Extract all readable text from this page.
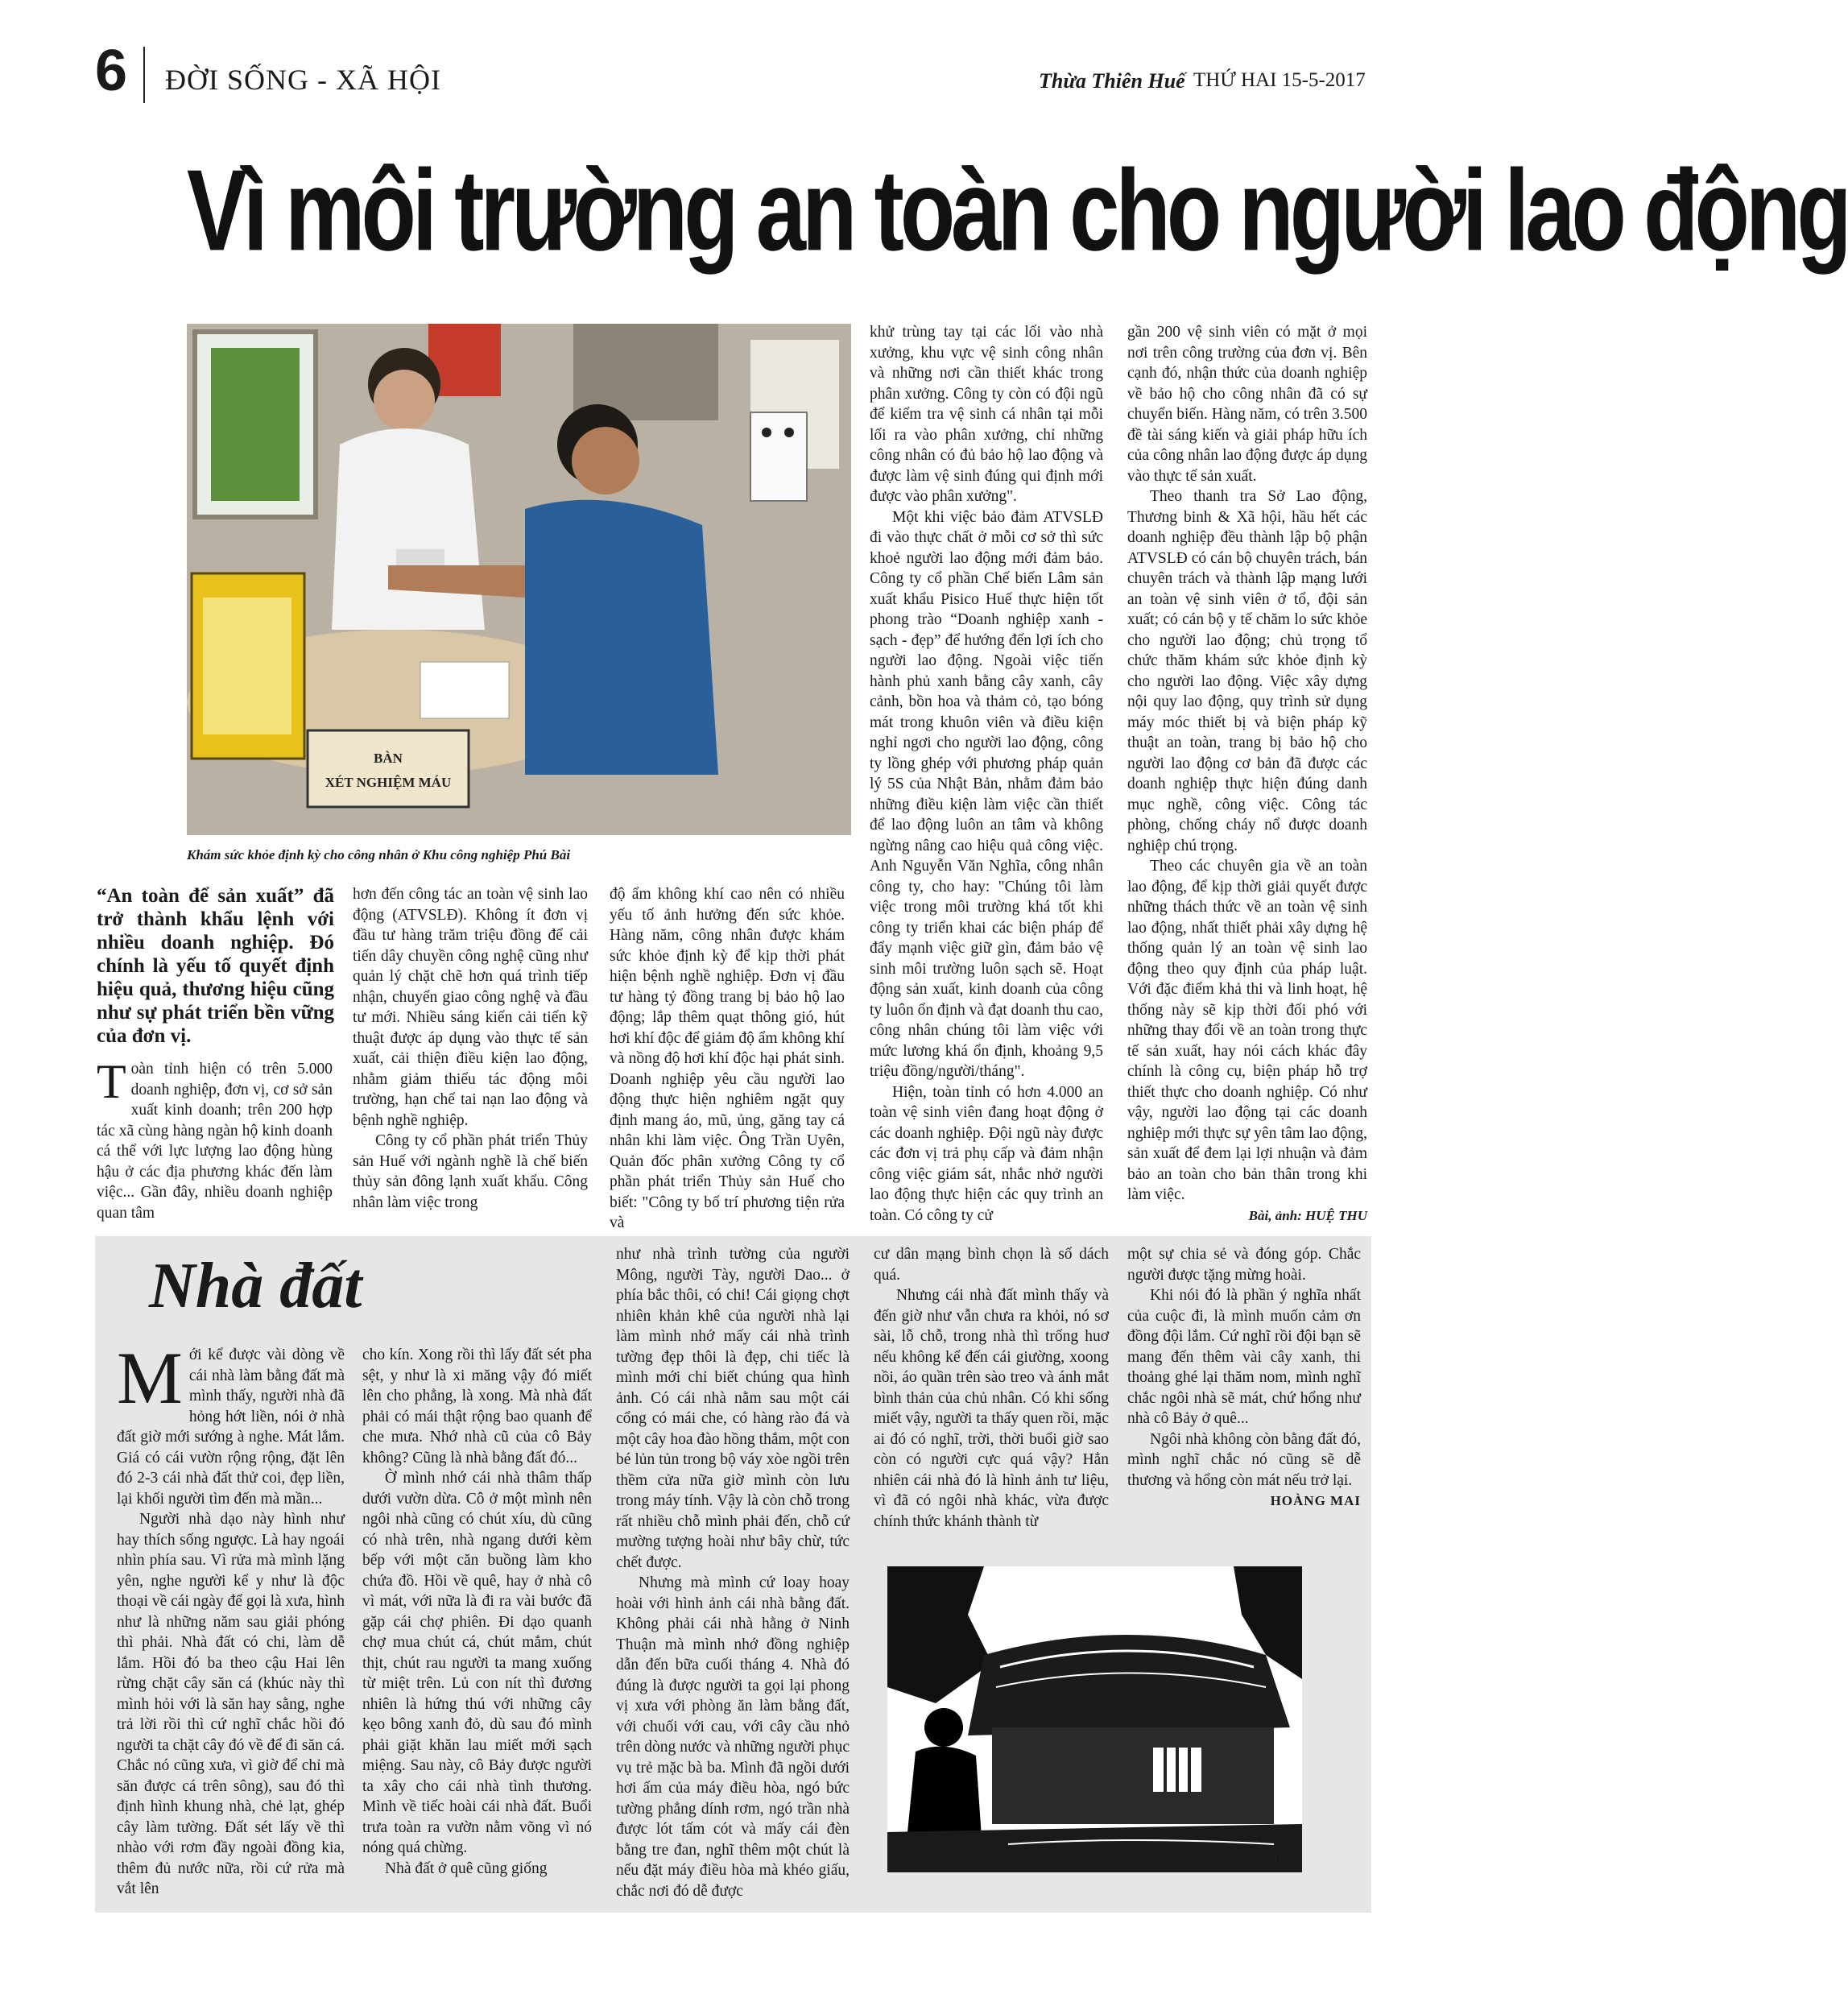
6 ĐỜI SỐNG - XÃ HỘI	Thừa Thiên Huế THỨ HAI 15-5-2017
Vì môi trường an toàn cho người lao động
BÀN
XÉT NGHIỆM MÁU
Khám sức khỏe định kỳ cho công nhân ở Khu công nghiệp Phú Bài
“An toàn để sản xuất” đã trở thành khẩu lệnh với nhiều doanh nghiệp. Đó chính là yếu tố quyết định hiệu quả, thương hiệu cũng như sự phát triển bền vững của đơn vị.

Toàn tỉnh hiện có trên 5.000 doanh nghiệp, đơn vị, cơ sở sản xuất kinh doanh; trên 200 hợp tác xã cùng hàng ngàn hộ kinh doanh cá thể với lực lượng lao động hùng hậu ở các địa phương khác đến làm việc... Gần đây, nhiều doanh nghiệp quan tâm

hơn đến công tác an toàn vệ sinh lao động (ATVSLĐ). Không ít đơn vị đầu tư hàng trăm triệu đồng để cải tiến dây chuyền công nghệ cũng như quản lý chặt chẽ hơn quá trình tiếp nhận, chuyển giao công nghệ và đầu tư mới. Nhiều sáng kiến cải tiến kỹ thuật được áp dụng vào thực tế sản xuất, cải thiện điều kiện lao động, nhằm giảm thiểu tác động môi trường, hạn chế tai nạn lao động và bệnh nghề nghiệp.

Công ty cổ phần phát triển Thủy sản Huế với ngành nghề là chế biến thủy sản đông lạnh xuất khẩu. Công nhân làm việc trong

độ ẩm không khí cao nên có nhiều yếu tố ảnh hưởng đến sức khỏe. Hàng năm, công nhân được khám sức khỏe định kỳ để kịp thời phát hiện bệnh nghề nghiệp. Đơn vị đầu tư hàng tỷ đồng trang bị bảo hộ lao động; lắp thêm quạt thông gió, hút hơi khí độc để giảm độ ẩm không khí và nồng độ hơi khí độc hại phát sinh. Doanh nghiệp yêu cầu người lao động thực hiện nghiêm ngặt quy định mang áo, mũ, ủng, găng tay cá nhân khi làm việc. Ông Trần Uyên, Quản đốc phân xưởng Công ty cổ phần phát triển Thủy sản Huế cho biết: "Công ty bố trí phương tiện rửa và

khử trùng tay tại các lối vào nhà xưởng, khu vực vệ sinh công nhân và những nơi cần thiết khác trong phân xưởng. Công ty còn có đội ngũ để kiểm tra vệ sinh cá nhân tại mỗi lối ra vào phân xưởng, chỉ những công nhân có đủ bảo hộ lao động và được làm vệ sinh đúng qui định mới được vào phân xưởng".

Một khi việc bảo đảm ATVSLĐ đi vào thực chất ở mỗi cơ sở thì sức khoẻ người lao động mới đảm bảo. Công ty cổ phần Chế biến Lâm sản xuất khẩu Pisico Huế thực hiện tốt phong trào “Doanh nghiệp xanh - sạch - đẹp” để hướng đến lợi ích cho người lao động. Ngoài việc tiến hành phủ xanh bằng cây xanh, cây cảnh, bồn hoa và thảm cỏ, tạo bóng mát trong khuôn viên và điều kiện nghỉ ngơi cho người lao động, công ty lồng ghép với phương pháp quản lý 5S của Nhật Bản, nhằm đảm bảo những điều kiện làm việc cần thiết để lao động luôn an tâm và không ngừng nâng cao hiệu quả công việc. Anh Nguyễn Văn Nghĩa, công nhân công ty, cho hay: "Chúng tôi làm việc trong môi trường khá tốt khi công ty triển khai các biện pháp để đẩy mạnh việc giữ gìn, đảm bảo vệ sinh môi trường luôn sạch sẽ. Hoạt động sản xuất, kinh doanh của công ty luôn ổn định và đạt doanh thu cao, công nhân chúng tôi làm việc với mức lương khá ổn định, khoảng 9,5 triệu đồng/người/tháng".

Hiện, toàn tỉnh có hơn 4.000 an toàn vệ sinh viên đang hoạt động ở các doanh nghiệp. Đội ngũ này được các đơn vị trả phụ cấp và đảm nhận công việc giám sát, nhắc nhở người lao động thực hiện các quy trình an toàn. Có công ty cử

gần 200 vệ sinh viên có mặt ở mọi nơi trên công trường của đơn vị. Bên cạnh đó, nhận thức của doanh nghiệp về bảo hộ cho công nhân đã có sự chuyển biến. Hàng năm, có trên 3.500 đề tài sáng kiến và giải pháp hữu ích của công nhân lao động được áp dụng vào thực tế sản xuất.

Theo thanh tra Sở Lao động, Thương binh & Xã hội, hầu hết các doanh nghiệp đều thành lập bộ phận ATVSLĐ có cán bộ chuyên trách, bán chuyên trách và thành lập mạng lưới an toàn vệ sinh viên ở tổ, đội sản xuất; có cán bộ y tế chăm lo sức khỏe cho người lao động; chủ trọng tổ chức thăm khám sức khỏe định kỳ cho người lao động. Việc xây dựng nội quy lao động, quy trình sử dụng máy móc thiết bị và biện pháp kỹ thuật an toàn, trang bị bảo hộ cho người lao động cơ bản đã được các doanh nghiệp thực hiện đúng danh mục nghề, công việc. Công tác phòng, chống cháy nổ được doanh nghiệp chú trọng.

Theo các chuyên gia về an toàn lao động, để kịp thời giải quyết được những thách thức về an toàn vệ sinh lao động, nhất thiết phải xây dựng hệ thống quản lý an toàn vệ sinh lao động theo quy định của pháp luật. Với đặc điểm khả thi và linh hoạt, hệ thống này sẽ kịp thời đối phó với những thay đổi về an toàn trong thực tế sản xuất, hay nói cách khác đây chính là công cụ, biện pháp hỗ trợ thiết thực cho doanh nghiệp. Có như vậy, người lao động tại các doanh nghiệp mới thực sự yên tâm lao động, sản xuất để đem lại lợi nhuận và đảm bảo an toàn cho bản thân trong khi làm việc.

Bài, ảnh: HUỆ THU
Nhà đất

Mới kể được vài dòng về cái nhà làm bằng đất mà mình thấy, người nhà đã hỏng hớt liền, nói ở nhà đất giờ mới sướng à nghe. Mát lắm. Giá có cái vườn rộng rộng, đặt lên đó 2-3 cái nhà đất thử coi, đẹp liền, lại khối người tìm đến mà mần...

Người nhà dạo này hình như hay thích sống ngược. Là hay ngoái nhìn phía sau. Vì rửa mà mình lặng yên, nghe người kể y như là độc thoại về cái ngày để gọi là xưa, hình như là những năm sau giải phóng thì phải. Nhà đất có chi, làm dễ lắm. Hồi đó ba theo cậu Hai lên rừng chặt cây săn cá (khúc này thì mình hỏi với là săn hay sằng, nghe trả lời rồi thì cứ nghĩ chắc hồi đó người ta chặt cây đó về để đi săn cá. Chắc nó cũng xưa, vì giờ để chỉ mà săn được cá trên sông), sau đó thì định hình khung nhà, chẻ lạt, ghép cây làm tường. Đất sét lấy về thì nhào với rơm đầy ngoài đồng kia, thêm đủ nước nữa, rồi cứ rửa mà vắt lên

cho kín. Xong rồi thì lấy đất sét pha sệt, y như là xi măng vậy đó miết lên cho phẳng, là xong. Mà nhà đất phải có mái thật rộng bao quanh để che mưa. Nhớ nhà cũ của cô Bảy không? Cũng là nhà bằng đất đó...

Ờ mình nhớ cái nhà thâm thấp dưới vườn dừa. Cô ở một mình nên ngôi nhà cũng có chút xíu, dù cũng có nhà trên, nhà ngang dưới kèm bếp với một căn buồng làm kho chứa đồ. Hồi về quê, hay ở nhà cô vì mát, với nữa là đi ra vài bước đã gặp cái chợ phiên. Đi dạo quanh chợ mua chút cá, chút mắm, chút thịt, chút rau người ta mang xuống từ miệt trên. Lủ con nít thì đương nhiên là hứng thú với những cây kẹo bông xanh đỏ, dù sau đó mình phải giặt khăn lau miết mới sạch miệng. Sau này, cô Bảy được người ta xây cho cái nhà tình thương. Mình về tiếc hoài cái nhà đất. Buổi trưa toàn ra vườn nằm võng vì nó nóng quá chừng.

Nhà đất ở quê cũng giống

như nhà trình tường của người Mông, người Tày, người Dao... ở phía bắc thôi, có chi! Cái giọng chợt nhiên khản khê của người nhà lại làm mình nhớ mấy cái nhà trình tường đẹp thôi là đẹp, chi tiếc là mình mới chỉ biết chúng qua hình ảnh. Có cái nhà nằm sau một cái cổng có mái che, có hàng rào đá và một cây hoa đào hồng thắm, một con bé lủn tủn trong bộ váy xòe ngồi trên thềm cửa nữa giờ mình còn lưu trong máy tính. Vậy là còn chỗ trong rất nhiều chỗ mình phải đến, chỗ cứ mường tượng hoài như bây chừ, tức chết được.

Nhưng mà mình cứ loay hoay hoài với hình ảnh cái nhà bằng đất. Không phải cái nhà hằng ở Ninh Thuận mà mình nhớ đồng nghiệp dẫn đến bữa cuối tháng 4. Nhà đó đúng là được người ta gọi lại phong vị xưa với phòng ăn làm bằng đất, với chuối với cau, với cây cầu nhỏ trên dòng nước và những người phục vụ trẻ mặc bà ba. Mình đã ngồi dưới hơi ấm của máy điều hòa, ngó bức tường phẳng dính rơm, ngó trần nhà được lót tấm cót và mấy cái đèn bằng tre đan, nghĩ thêm một chút là nếu đặt máy điều hòa mà khéo giấu, chắc nơi đó dễ được

cư dân mạng bình chọn là số dách quá.

Nhưng cái nhà đất mình thấy và đến giờ như vẫn chưa ra khỏi, nó sơ sài, lỗ chỗ, trong nhà thì trống huơ nếu không kể đến cái giường, xoong nồi, áo quần trên sào treo và ánh mắt bình thản của chủ nhân. Có khi sống miết vậy, người ta thấy quen rồi, mặc ai đó có nghĩ, trời, thời buổi giờ sao còn có người cực quá vậy? Hẳn nhiên cái nhà đó là hình ảnh tư liệu, vì đã có ngôi nhà khác, vừa được chính thức khánh thành từ

một sự chia sẻ và đóng góp. Chắc người được tặng mừng hoài.

Khi nói đó là phần ý nghĩa nhất của cuộc đi, là mình muốn cảm ơn đồng đội lắm. Cứ nghĩ rồi đội bạn sẽ mang đến thêm vài cây xanh, thi thoảng ghé lại thăm nom, mình nghĩ chắc ngôi nhà sẽ mát, chứ hổng như nhà cô Bảy ở quê...

Ngôi nhà không còn bằng đất đó, mình nghĩ chắc nó cũng sẽ dễ thương và hổng còn mát nếu trở lại.

HOÀNG MAI
2017
